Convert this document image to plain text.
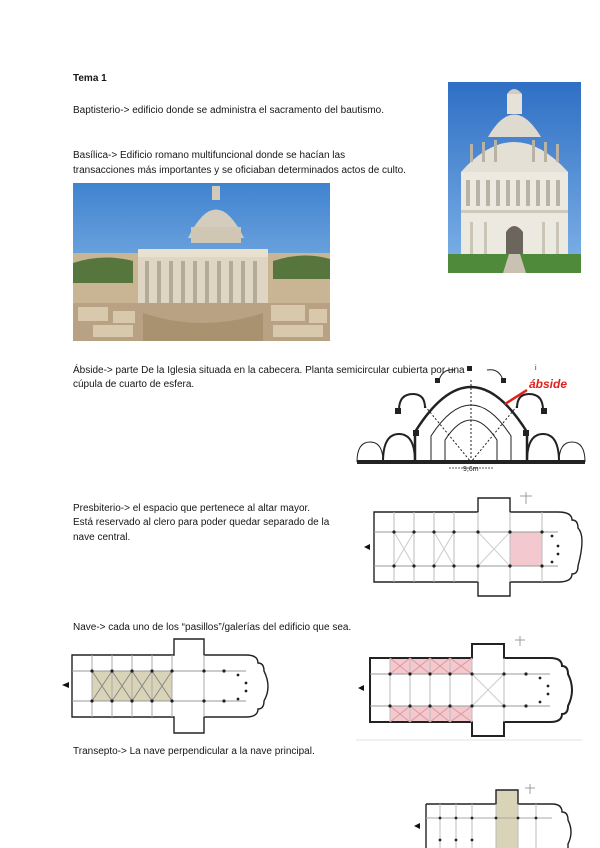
Tema 1
Baptisterio-> edificio donde se administra el sacramento del bautismo.
Basílica-> Edificio romano multifuncional donde se hacían las
transacciones más importantes y se oficiaban determinados actos de culto.
Ábside-> parte De la Iglesia situada en la cabecera. Planta semicircular cubierta por una
cúpula de cuarto de esfera.
9,6m
ábside
i
Presbiterio-> el espacio que pertenece al altar mayor.
Está reservado al clero para poder quedar separado de la
nave central.
Nave-> cada uno de los “pasillos”/galerías del edificio que sea.
Transepto-> La nave perpendicular a la nave principal.
